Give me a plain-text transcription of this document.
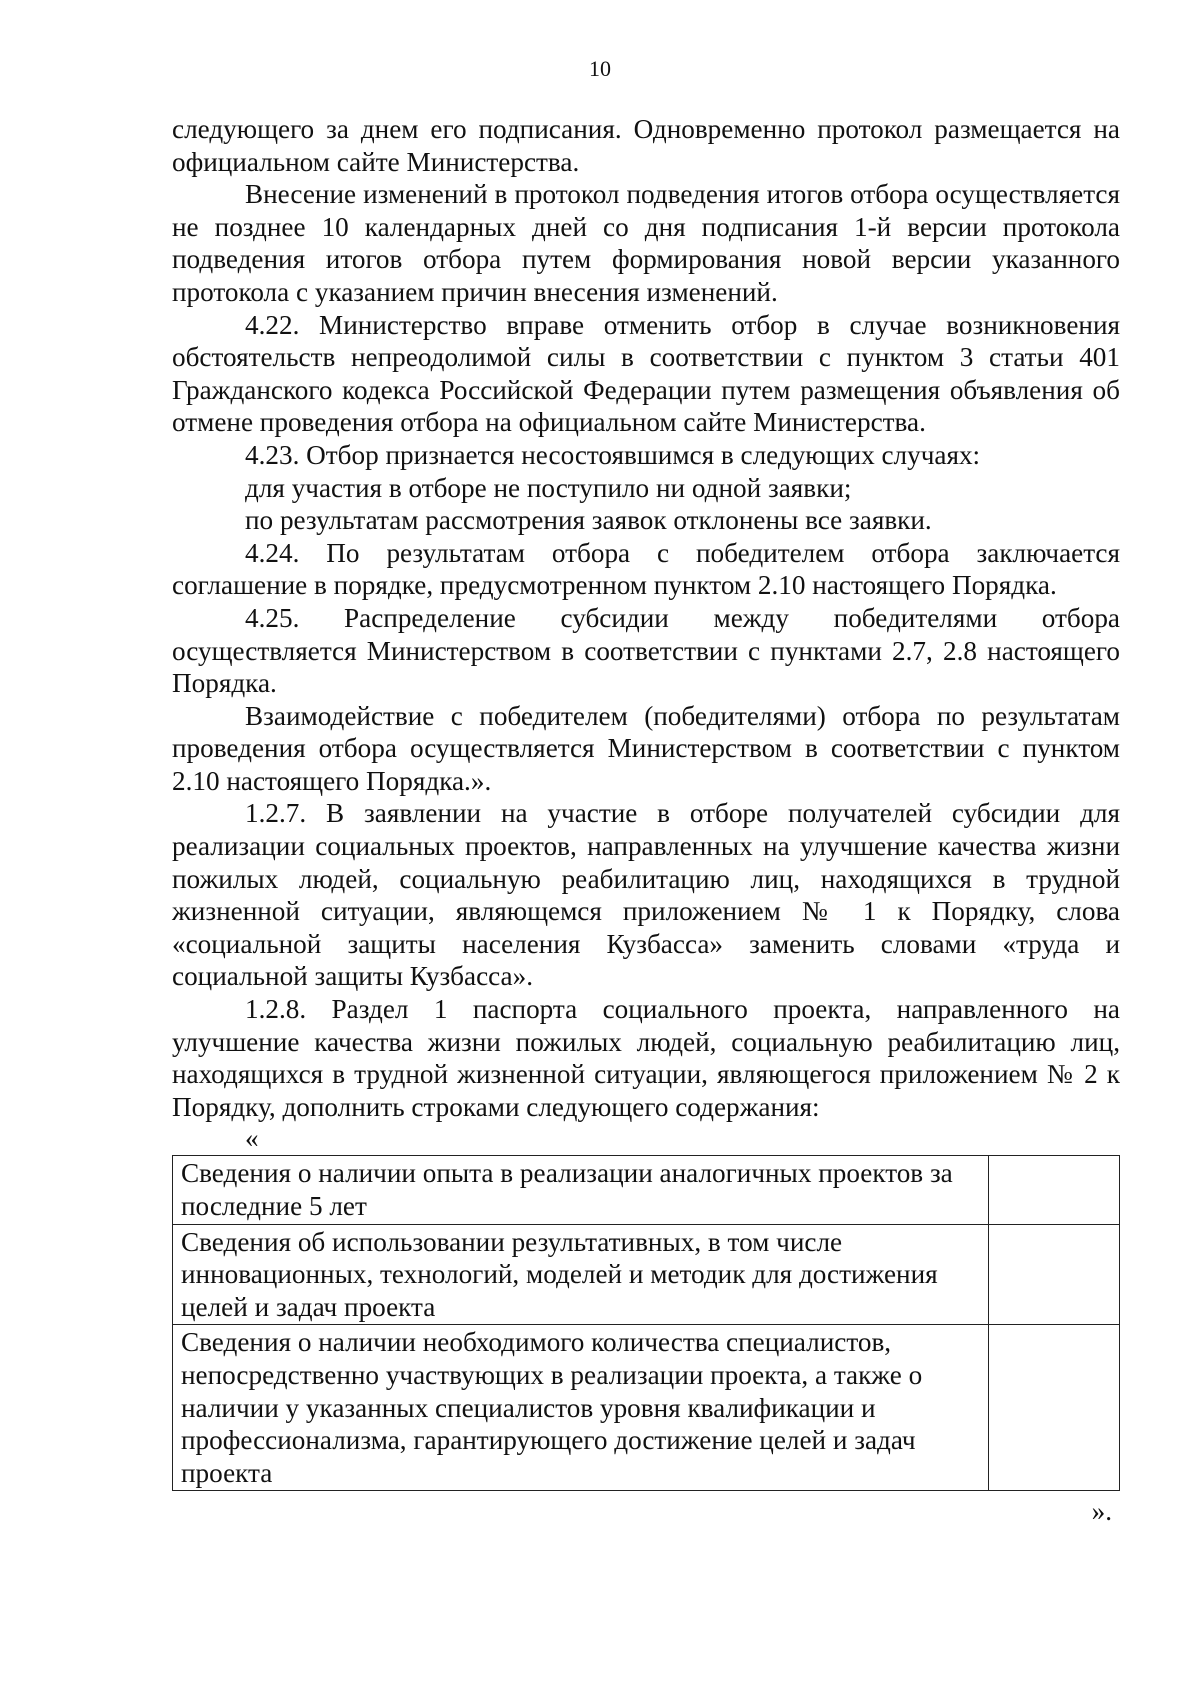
10

следующего за днем его подписания. Одновременно протокол размещается на официальном сайте Министерства.

Внесение изменений в протокол подведения итогов отбора осуществляется не позднее 10 календарных дней со дня подписания 1-й версии протокола подведения итогов отбора путем формирования новой версии указанного протокола с указанием причин внесения изменений.

4.22. Министерство вправе отменить отбор в случае возникновения обстоятельств непреодолимой силы в соответствии с пунктом 3 статьи 401 Гражданского кодекса Российской Федерации путем размещения объявления об отмене проведения отбора на официальном сайте Министерства.

4.23. Отбор признается несостоявшимся в следующих случаях:

для участия в отборе не поступило ни одной заявки;

по результатам рассмотрения заявок отклонены все заявки.

4.24. По результатам отбора с победителем отбора заключается соглашение в порядке, предусмотренном пунктом 2.10 настоящего Порядка.

4.25. Распределение субсидии между победителями отбора осуществляется Министерством в соответствии с пунктами 2.7, 2.8 настоящего Порядка.

Взаимодействие с победителем (победителями) отбора по результатам проведения отбора осуществляется Министерством в соответствии с пунктом 2.10 настоящего Порядка.».

1.2.7. В заявлении на участие в отборе получателей субсидии для реализации социальных проектов, направленных на улучшение качества жизни пожилых людей, социальную реабилитацию лиц, находящихся в трудной жизненной ситуации, являющемся приложением № 1 к Порядку, слова «социальной защиты населения Кузбасса» заменить словами «труда и социальной защиты Кузбасса».

1.2.8. Раздел 1 паспорта социального проекта, направленного на улучшение качества жизни пожилых людей, социальную реабилитацию лиц, находящихся в трудной жизненной ситуации, являющегося приложением № 2 к Порядку, дополнить строками следующего содержания:

«

Сведения о наличии опыта в реализации аналогичных проектов за последние 5 лет	
Сведения об использовании результативных, в том числе инновационных, технологий, моделей и методик для достижения целей и задач проекта	
Сведения о наличии необходимого количества специалистов, непосредственно участвующих в реализации проекта, а также о наличии у указанных специалистов уровня квалификации и профессионализма, гарантирующего достижение целей и задач проекта	

».
